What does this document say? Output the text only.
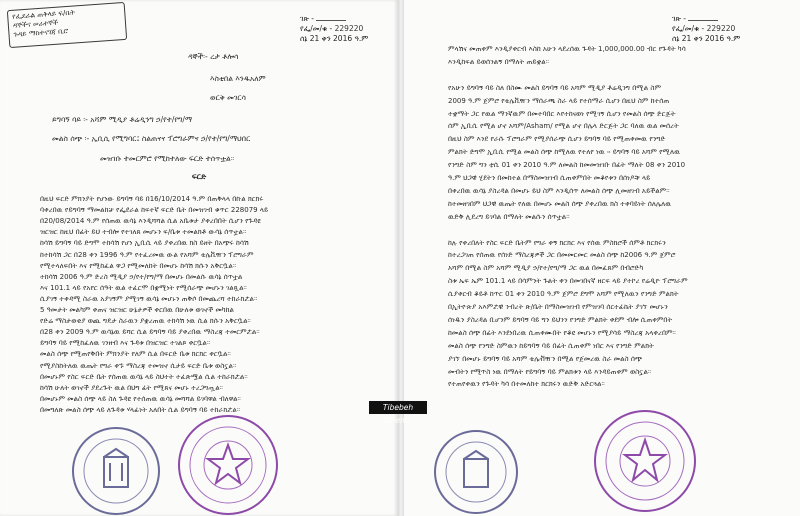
የፌደራል ጠቅላይ ፍ/ቤት
ዳኞችና ሠራተኞች
ጉዳይ ማስተናገጃ ቢሮ
ገጽ -
የፌ/መ/ቁ - 229220
ሰኔ 21 ቀን 2016 ዓ.ም
ዳኞች፡- ረታ ቶሎሳ
እስቲበል እንዱአለም
ወርቅ መገርሳ
ይግባኝ ባይ ፡- አሻም ሚዲያ ቶሬዲንግ ኃ/የተ/የግ/ማ
መልስ ሰጭ ፡- ኢቢሲ የሚግባር፤ ስልጠናና ፕሮግራምና ኃ/የተ/የግ/ማህበር
መዝገቡ ተመርምሮ የሚከተለው ፍርድ ተሰጥቷል።
ፍርድ
በዚህ ፍርድ ምክንያት የሆነው ይግባኝ ባይ በ16/10/2014 ዓ.ም በጠቅላላ በኩል ክርክሩ
ባቀረበዉ የይግባኝ ማመልከቻ የፌደራል ከፍተኛ ፍርድ ቤት በመዝገብ ቁጥር 228079 ላይ
በ20/08/2014 ዓ.ም የሰጠዉ ዉሳኔ እንዲሻሻል ሲል አቤቱታ ያቀረበበት ሲሆን የጉዳዩ
ዝርዝር ከዚህ በፊት ይህ ተብሎ የተገለጸ መሆኑን ፍ/ቤቱ ተመልክቶ ውሳኔ ሰጥቷል።
ከሳሽ ይግባኝ ባይ ድግሞ ተከሳሽ የሆነ ኢቢሲ ላይ ያቀረበዉ ክስ ይዘት በአጭሩ ከሳሽ
ከተከሳሽ ጋር በ28 ቀን 1996 ዓ.ም የተፈረመዉ ውል የአሻም ቴሌቪዥን ፕሮግራም
የሚተላለፍበት እና የሚከፈል ዋጋ የሚመለከት በመሆኑ ከሳሽ ክሱን አቅርቧል።
ተከሳሽ 2006 ዓ.ም ድረስ ሚዲያ ኃ/የተ/የግ/ማ በመሆኑ በመልሱ ዉሳኔ ሰጥቷል
እና 101.1 ላይ የአየር ሰዓት ዉል ተፈርሞ በቋሚነት የሚሰራጭ መሆኑን ገልጿል።
ሲያገኝ ተቀዳሚ ስራዉ አያገኝም ያሚገኝ ዉሳኔ መሆኑን ጠቅሶ በመጨረሻ ተከራክሯል።
5 ዓመታት መልካም ቀጠና ዝርዝር ሁኔታዎች ቀርበዉ በሁለቱ ወገኖች መካከል
የድሬ ማስታወቂያ ወጪ ግዴታ ስራዉን ያቋረጠዉ ተከሳሽ ነዉ ሲል ክሱን አቅርቧል።
በ28 ቀን 2009 ዓ.ም ዉሳኔዉ ይሻር ሲል ይግባኝ ባይ ያቀረበዉ ማስረጃ ተመርምሯል።
ይግባኝ ባይ የሚከፈለዉ ገንዘብ እና ጉዳቱ በዝርዝር ተገልጾ ቀርቧል።
መልስ ሰጭ የሚጠየቅበት ምክንያት የለም ሲል በፍርድ ቤቱ ክርክር ቀርቧል።
የሚያስከትለዉ ዉጤት የግራ ቀኙ ማስረጃ ተመዝኖ ሲታይ ፍርድ ቤቱ ወስኗል።
በመሆኑም የስር ፍርድ ቤት የሰጠዉ ዉሳኔ ላይ ስህተት ተፈጽሟል ሲል ተከራክሯል።
ከሳሽ ሁለት ወገኖች ያደረጉት ዉል በህግ ፊት የሚጸና መሆኑ ተረጋግጧል።
በመሆኑም መልስ ሰጭ ላይ ስለ ጉዳዩ የተሰጠዉ ዉሳኔ መሻሻል ይገባዋል ብለዋል።
በመግለጽ መልስ ሰጭ ላይ ለጉዳቱ ሃላፊነት አለበት ሲል ይግባኝ ባይ ተከራክሯል።
ገጽ -
የፌ/መ/ቁ - 229220
ሰኔ 21 ቀን 2016 ዓ.ም
ምላሽና መጠቀም እንዲያቀርብ እስከ አሁን ላደረሰዉ ጉዳት 1,000,000.00 ብር የጉዳት ካሳ
እንዲከፍል ይወሰንልኝ በማለት ጠይቋል።
የአሁን ይግባኝ ባይ ስለ በስሙ መልስ ይግባኝ ባይ አሻም ሚዲያ ቶሬዲንግ በሚል ስም
2009 ዓ.ም ጀምሮ የቴሌቪዥን ማሰራጫ ስራ ላይ የተሰማራ ሲሆን በዚህ ስም ከተሰጠ
ተቋማት ጋር የዉል ማንኛዉም በመተባበር እየተከናወነ የሚገኝ ሲሆን የመልስ ሰጭ ድርጅት
ሰም ኢቢሲ የሚል ሆኖ አሻም/Asham/ የሚል ሆኖ በሌላ ድርጅት ጋር ባለዉ ዉል መሰረት
በዚህ ስም እንደ የራሱ ፕሮግራም የሚያሰራጭ ሲሆን ይግባኝ ባይ የሚጠቀመዉ የንግድ
ምልክት ድግሞ ኢቢሲ የሚል መልስ ሰጭ ከሚለዉ የተለየ ነዉ ፡፡ ይግባኝ ባይ አሻም የሚለዉ
የንግድ ስም ግን ቲሲ 01 ቀን 2010 ዓ.ም ለመልስ ከመመዝገቡ በፊት ማለት 08 ቀን 2010
ዓ.ም ህጋዊ ሂደትን በመከተል በማስመዝገብ ሲጠቀምበት መቆየቱን በሰነዶቹ ላይ
በቀረበዉ ዉሳኔ ያስረዳል በመሆኑ ይህ ስም እንዲሰጥ ለመልስ ሰጭ ሊመዘገብ አይችልም።
ከተመዘገበም ህጋዊ ዉጤት የለዉ በመሆኑ መልስ ሰጭ ያቀረበዉ ክስ ተቀባይነት ሰለሌለዉ
ዉድቅ ሊደረግ ይገባል በማለት መልሱን ሰጥቷል።
ከሉ የቀረበለት የስር ፍርድ ቤትም የግራ ቀኝ ክርክር እና የሰዉ ምስክሮች ሰምቶ ክርክሩን
ከተረጋገጠ የሰጠዉ የሰነድ ማስረጃዎች ጋር በመመርመር መልስ ሰጭ ከ2006 ዓ.ም ጀምሮ
አሻም በሚል ስም አሻም ሚዲያ ኃ/የተ/የግ/ማ ጋር ዉል በመፈጸም በብሮድካ
ስቱ ኤፍ ኤም 101.1 ላይ በሳምንት ጉልት ቀን በመገበናኛ ዘርፍ ላይ ያተኮረ የሬዲዮ ፕሮግራም
ሲያቀርብ ቆይቶ ከጥር 01 ቀን 2010 ዓ.ም ጀምሮ ደግሞ አሻም የሚለዉን የንግድ ምልክት
በኢትዮጵያ አእምሯዊ ንብረት ጽ/ቤት በማስመዝገብ የምዝገባ ሰርተፊኬት ያገኘ መሆኑን
ሰነዱን ያስረዳል ቢሆንም ይግባኝ ባይ ግን ይህንን የንግድ ምልክት ቀደም ብሎ ሲጠቀምበት
ከመልስ ሰጭ በፊት እንደነበረዉ ሲጠቀሙበት የቆዩ መሆኑን የሚያሳይ ማስረጃ አላቀረበም።
መልስ ሰጭ የንግድ ስምዉን ከይግባኝ ባይ በፊት ሲጠቀም ነበር እና የንግድ ምልክት
ያገኘ በመሆኑ ይግባኝ ባይ አሻም ቴሌቭዥን በሚል የጀመረዉ ስራ መልስ ሰጭ
መብትን የሚጥስ ነዉ በማለት የይግባኝ ባይ ምልክቱን ላይ እንዳይጠቀም ወስኗል።
የተጠየቀዉን የጉዳት ካሳ በተመለከተ ክርክሩን ዉድቅ አድርጓል።
Tibebeh Aklemu
